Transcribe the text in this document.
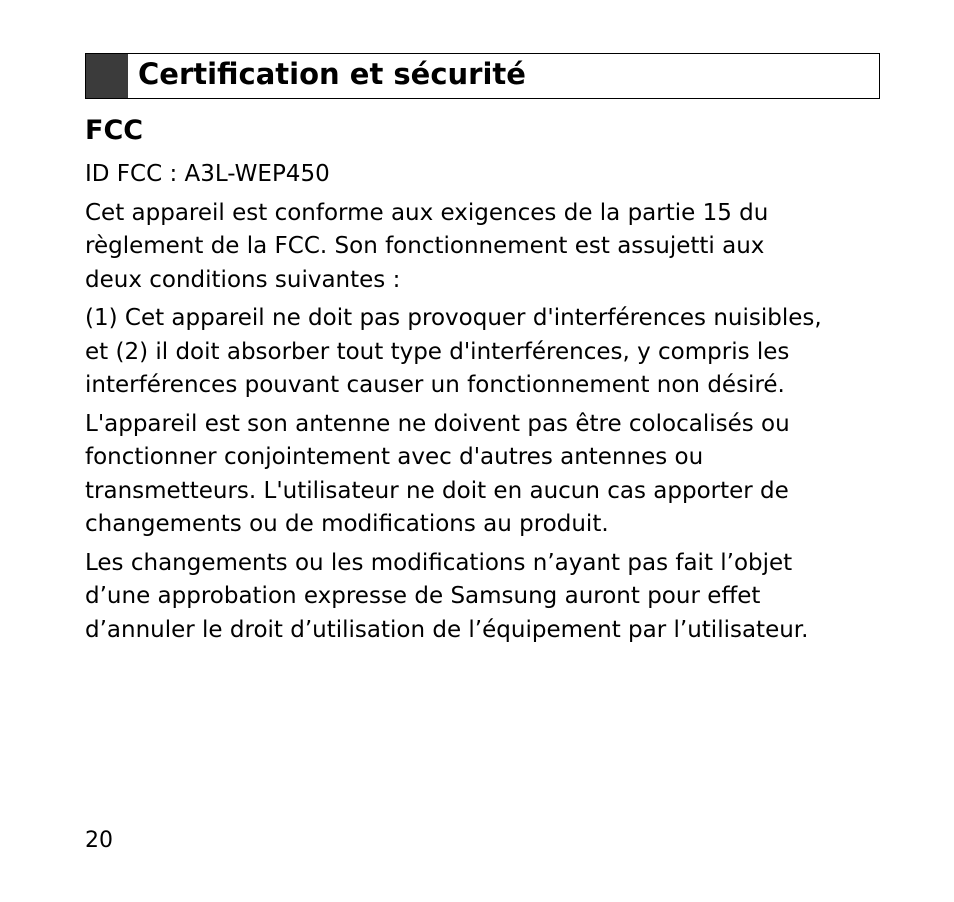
Certification et sécurité
FCC

ID FCC : A3L-WEP450

Cet appareil est conforme aux exigences de la partie 15 du
règlement de la FCC. Son fonctionnement est assujetti aux
deux conditions suivantes :

(1) Cet appareil ne doit pas provoquer d'interférences nuisibles,
et (2) il doit absorber tout type d'interférences, y compris les
interférences pouvant causer un fonctionnement non désiré.

L'appareil est son antenne ne doivent pas être colocalisés ou
fonctionner conjointement avec d'autres antennes ou
transmetteurs. L'utilisateur ne doit en aucun cas apporter de
changements ou de modifications au produit.

Les changements ou les modifications n’ayant pas fait l’objet
d’une approbation expresse de Samsung auront pour effet
d’annuler le droit d’utilisation de l’équipement par l’utilisateur.

20
